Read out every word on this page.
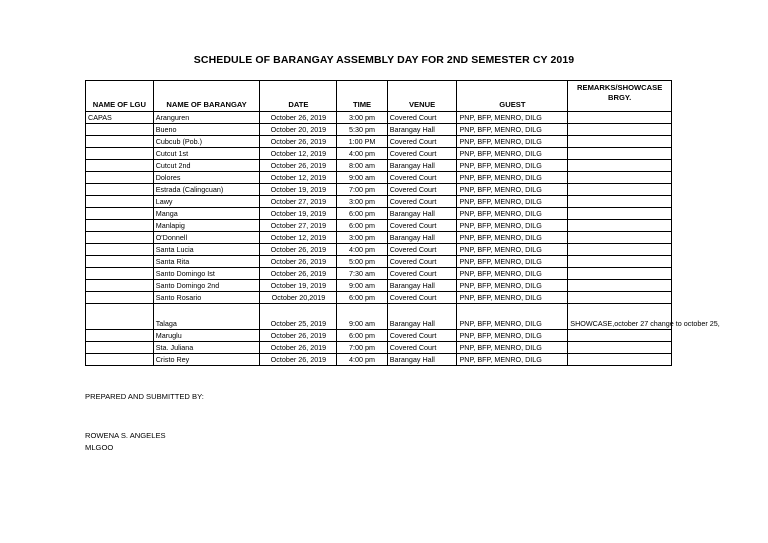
SCHEDULE OF BARANGAY ASSEMBLY DAY FOR 2ND SEMESTER CY 2019
NAME OF LGU	NAME OF BARANGAY	DATE	TIME	VENUE	GUEST	REMARKS/SHOWCASE
BRGY.
CAPAS	Aranguren	October 26, 2019	3:00 pm	Covered Court	PNP, BFP, MENRO, DILG	
	Bueno	October 20, 2019	5:30 pm	Barangay Hall	PNP, BFP, MENRO, DILG	
	Cubcub (Pob.)	October 26, 2019	1:00 PM	Covered Court	PNP, BFP, MENRO, DILG	
	Cutcut 1st	October 12, 2019	4:00 pm	Covered Court	PNP, BFP, MENRO, DILG	
	Cutcut 2nd	October 26, 2019	8:00 am	Barangay Hall	PNP, BFP, MENRO, DILG	
	Dolores	October 12, 2019	9:00 am	Covered Court	PNP, BFP, MENRO, DILG	
	Estrada (Calingcuan)	October 19, 2019	7:00 pm	Covered Court	PNP, BFP, MENRO, DILG	
	Lawy	October 27, 2019	3:00 pm	Covered Court	PNP, BFP, MENRO, DILG	
	Manga	October 19, 2019	6:00 pm	Barangay Hall	PNP, BFP, MENRO, DILG	
	Manlapig	October 27, 2019	6:00 pm	Covered Court	PNP, BFP, MENRO, DILG	
	O'Donnell	October 12, 2019	3:00 pm	Barangay Hall	PNP, BFP, MENRO, DILG	
	Santa Lucia	October 26, 2019	4:00 pm	Covered Court	PNP, BFP, MENRO, DILG	
	Santa Rita	October 26, 2019	5:00 pm	Covered Court	PNP, BFP, MENRO, DILG	
	Santo Domingo Ist	October 26, 2019	7:30 am	Covered Court	PNP, BFP, MENRO, DILG	
	Santo Domingo 2nd	October 19, 2019	9:00 am	Barangay Hall	PNP, BFP, MENRO, DILG	
	Santo Rosario	October 20,2019	6:00 pm	Covered Court	PNP, BFP, MENRO, DILG	
	Talaga	October 25, 2019	9:00 am	Barangay Hall	PNP, BFP, MENRO, DILG	SHOWCASE,october 27 change to october 25,
	Maruglu	October 26, 2019	6:00 pm	Covered Court	PNP, BFP, MENRO, DILG	
	Sta. Juliana	October 26, 2019	7:00 pm	Covered Court	PNP, BFP, MENRO, DILG	
	Cristo Rey	October 26, 2019	4:00 pm	Barangay Hall	PNP, BFP, MENRO, DILG	
PREPARED AND SUBMITTED BY:
ROWENA S. ANGELES
MLGOO
